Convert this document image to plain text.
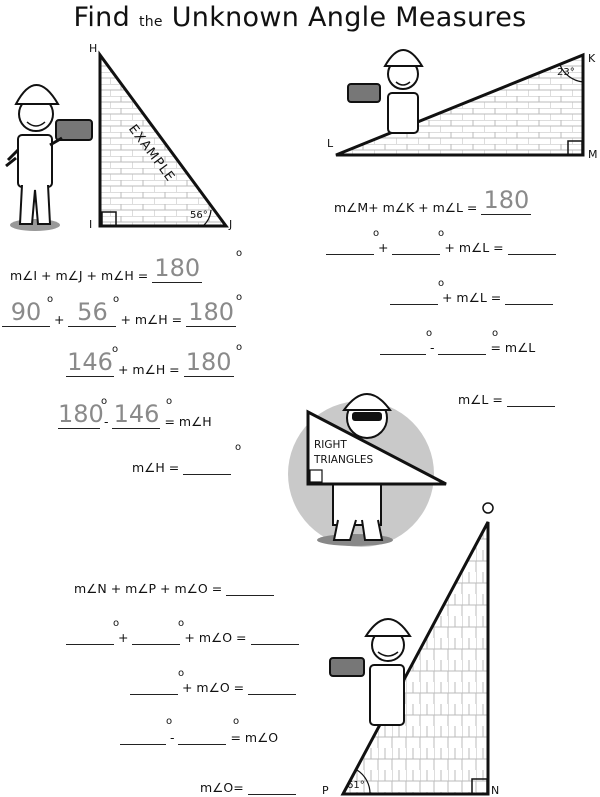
Find the Unknown Angle Measures
H
I	J
56°
EXAMPLE	L
K
M
23°
P	N
61°
RIGHT
TRIANGLES
m∠I + m∠J + m∠H = 180
o
90 + 56 + m∠H = 180
o	o	o
146 + m∠H = 180
o	o
180 - 146 = m∠H
o	o
m∠H =
o
m∠M+ m∠K + m∠L = 180
+	+ m∠L =
o	o
+ m∠L =
o
-	= m∠L
o	o
m∠L =
m∠N + m∠P + m∠O =
+	+ m∠O =
o	o
+ m∠O =
o
-	= m∠O
o	o
m∠O=
